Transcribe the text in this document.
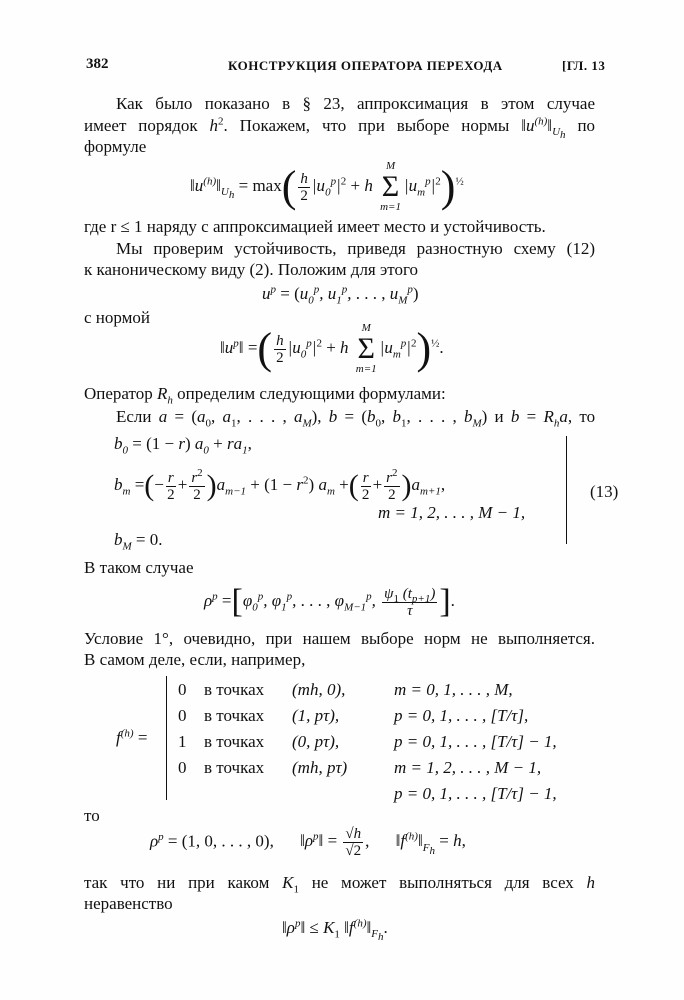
382	КОНСТРУКЦИЯ ОПЕРАТОРА ПЕРЕХОДА	[ГЛ. 13
Как было показано в § 23, аппроксимация в этом случае
имеет порядок $h^2$. Покажем, что при выборе нормы $‖u^{(h)}‖_{U_h}$ по
формуле
$‖u^{(h)}‖_{U_h} = \max( \frac{h}{2} |u_0^p|^2 + h$
M
Σ
m=1
$|u_m^p|^2)^{\frac{1}{2}}$
где r ≤ 1 наряду с аппроксимацией имеет место и устойчивость.
Мы проверим устойчивость, приведя разностную схему (12)
к каноническому виду (2). Положим для этого
$u^p = (u_0^p$, $u_1^p$, . . . , $u_M^p$)
с нормой
$‖u^p‖$ =( $\frac{h}{2} |u_0^p|^2 + h$
M
Σ
m=1
$|u_m^p|^2)^{\frac{1}{2}}$.
Оператор $R_h$ определим следующими формулами:
Если $a = (a_0$, $a_1$, . . . , $a_M$), $b = (b_0$, $b_1$, . . . , $b_M$) и $b = R_ha$, то
$b_0 = (1 - r) a_0 + ra_1$,
$b_m$ =(− $\frac{r}{2} + \frac{r^2}{2} )a_{m-1} + (1 - r^2)$ $a_m$ +( $\frac{r}{2} + \frac{r^2}{2} )a_{m+1}$,
m = 1, 2, . . . , M − 1,
$b_M = 0$.
(13)
В таком случае
$\rho^p =[\varphi_0^p$, $\varphi_1^p$, . . . , $\varphi_{M-1}^p$, $\frac{\psi_1 (t_{p+1})}{\tau}$ ].
Условие 1°, очевидно, при нашем выборе норм не выполняется.
В самом деле, если, например,
$f^{(h)}$ =
0 в точках (mh, 0),	m = 0, 1, . . . , M,
0 в точках (1, pτ),	p = 0, 1, . . . , [T/τ],
1 в точках (0, pτ),	p = 0, 1, . . . , [T/τ] − 1,
0 в точках (mh, pτ)	m = 1, 2, . . . , M − 1,
p = 0, 1, . . . , [T/τ] − 1,
то
$\rho^p = (1$, 0, . . . , 0), $‖\rho^p‖ = \frac{√h}{√2}$ , $‖f^{(h)}‖_{F_h} = h$,
так что ни при каком $K_1$ не может выполняться для всех h
неравенство
$‖\rho^p‖ \le K_1$ $‖f^{(h)}‖_{F_h}$.
